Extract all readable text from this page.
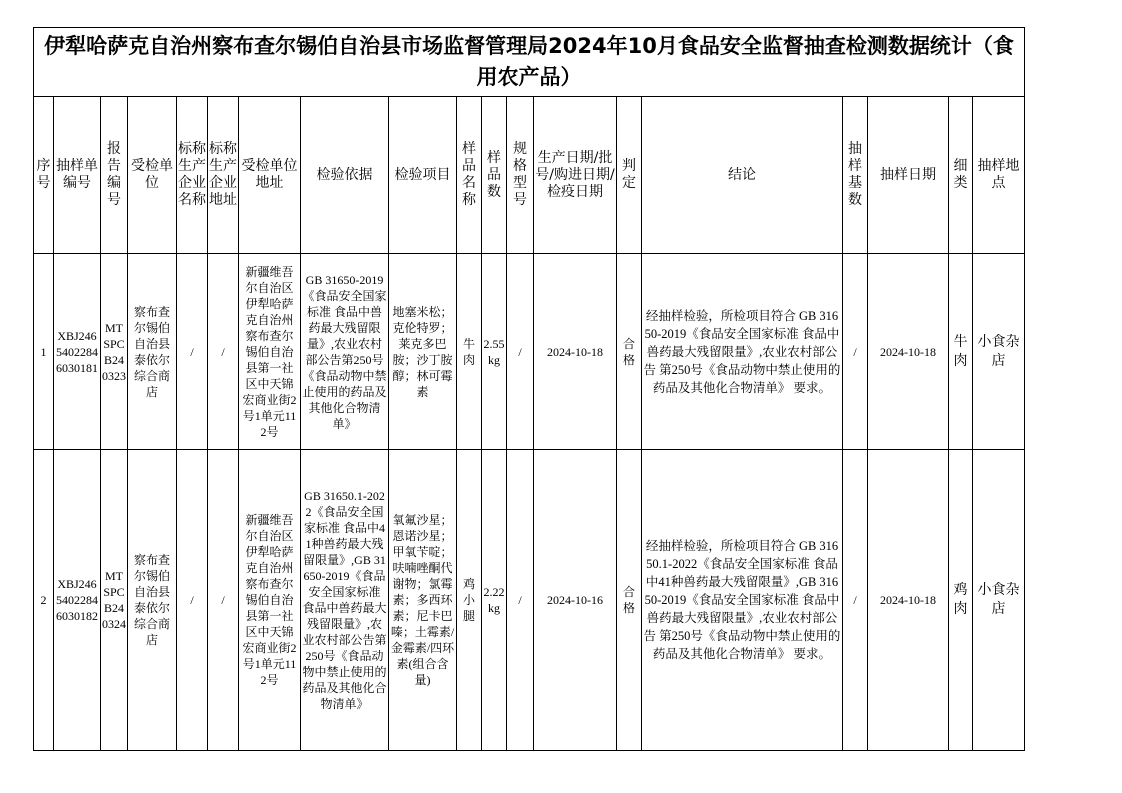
伊犁哈萨克自治州察布查尔锡伯自治县市场监督管理局2024年10月食品安全监督抽查检测数据统计（食用农产品）																		
序号	抽样单编号	报告编号	受检单位	标称生产企业名称	标称生产企业地址	受检单位地址	检验依据	检验项目	样品名称	样品数	规格型号	生产日期/批号/购进日期/检疫日期	判定	结论	抽样基数	抽样日期	细类	抽样地点
1	XBJ24654022846030181	MTSPCB240323	察布查尔锡伯自治县泰依尔综合商店	/	/	新疆维吾尔自治区伊犁哈萨克自治州察布查尔锡伯自治县第一社区中天锦宏商业街2号1单元112号	GB 31650-2019《食品安全国家标准 食品中兽药最大残留限量》,农业农村部公告第250号《食品动物中禁止使用的药品及其他化合物清单》	地塞米松；克伦特罗；莱克多巴胺；沙丁胺醇；林可霉素	牛肉	2.55kg	/	2024-10-18	合格	经抽样检验，所检项目符合 GB 31650-2019《食品安全国家标准 食品中兽药最大残留限量》,农业农村部公告 第250号《食品动物中禁止使用的药品及其他化合物清单》 要求。	/	2024-10-18	牛肉	小食杂店
2	XBJ24654022846030182	MTSPCB240324	察布查尔锡伯自治县泰依尔综合商店	/	/	新疆维吾尔自治区伊犁哈萨克自治州察布查尔锡伯自治县第一社区中天锦宏商业街2号1单元112号	GB 31650.1-2022《食品安全国家标准 食品中41种兽药最大残留限量》,GB 31650-2019《食品安全国家标准 食品中兽药最大残留限量》,农业农村部公告第250号《食品动物中禁止使用的药品及其他化合物清单》	氧氟沙星；恩诺沙星；甲氧苄啶；呋喃唑酮代谢物；氯霉素；多西环素；尼卡巴嗪；土霉素/金霉素/四环素(组合含量)	鸡小腿	2.22kg	/	2024-10-16	合格	经抽样检验，所检项目符合 GB 31650.1-2022《食品安全国家标准 食品中41种兽药最大残留限量》,GB 31650-2019《食品安全国家标准 食品中兽药最大残留限量》,农业农村部公告 第250号《食品动物中禁止使用的药品及其他化合物清单》 要求。	/	2024-10-18	鸡肉	小食杂店
